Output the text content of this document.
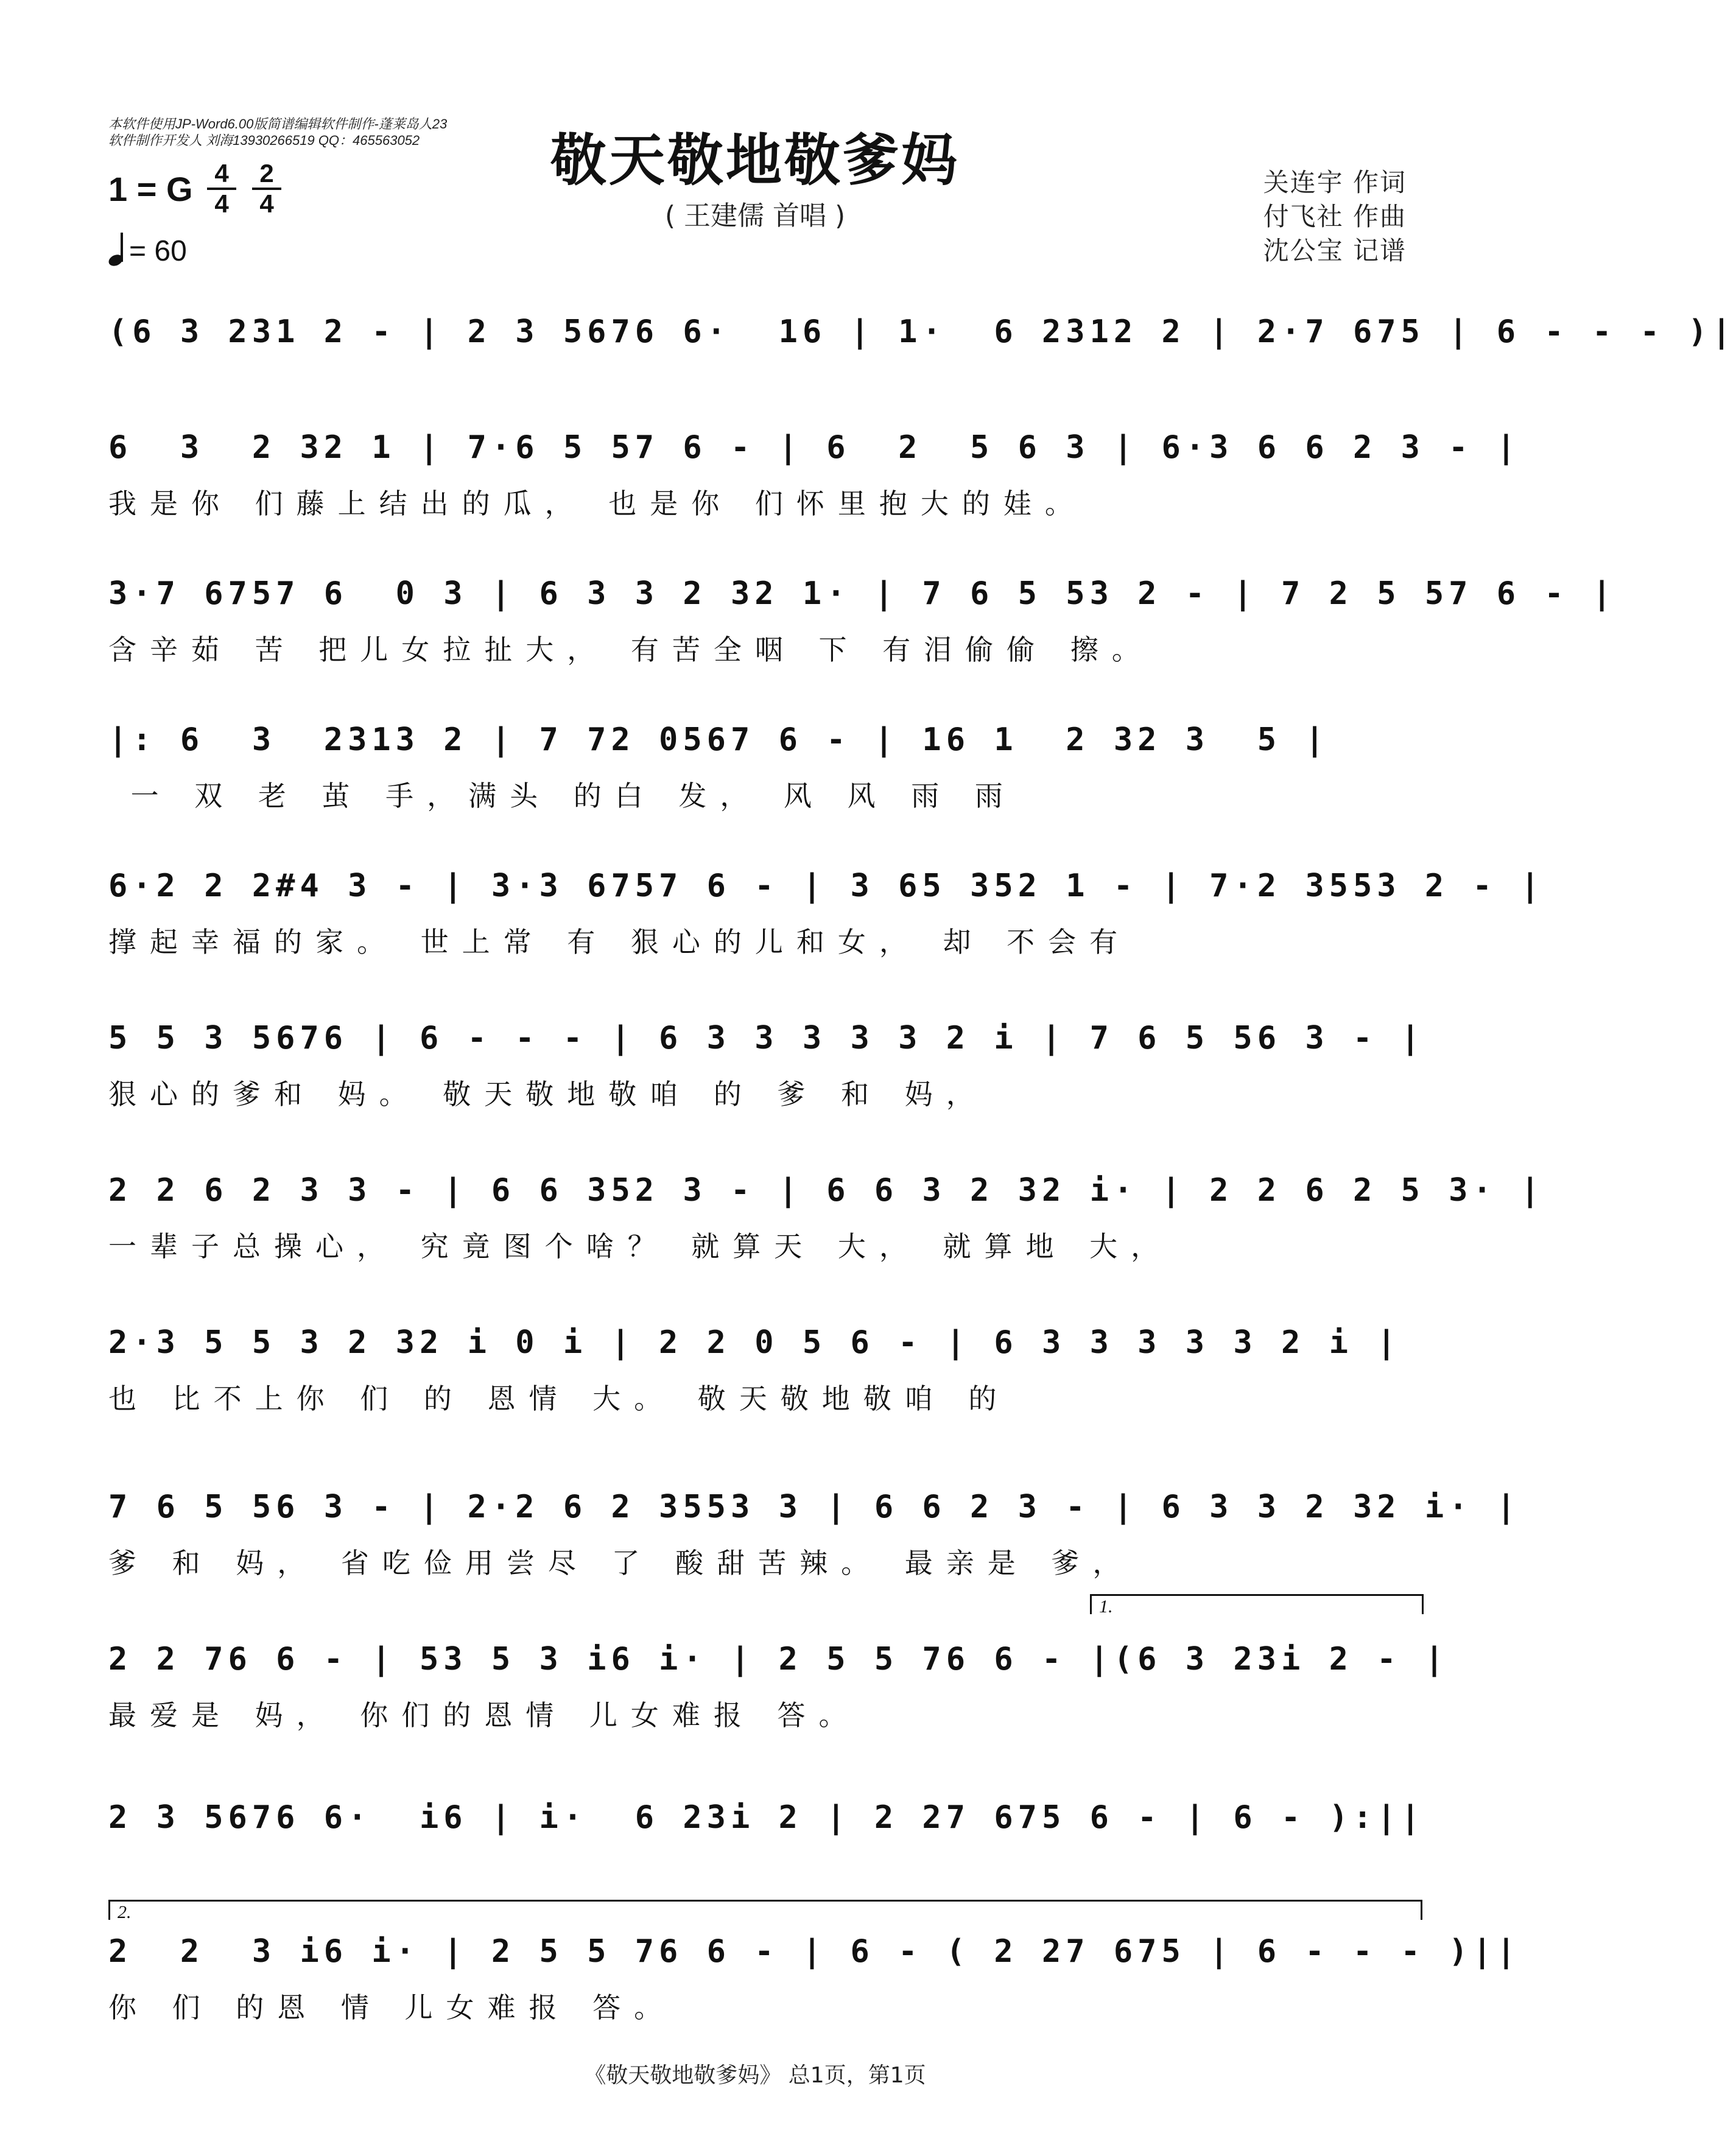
本软件使用JP-Word6.00版简谱编辑软件制作-蓬莱岛人23
软件制作开发人 刘海13930266519 QQ：465563052	敬天敬地敬爹妈
( 王建儒 首唱 )
1 = G $\frac{4}{4} \frac{2}{4}$
= 60
关连宇 作词
付飞社 作曲
沈公宝 记谱
(6 3 231 2 - | 2 3 5676 6·  16 | 1·  6 2312 2 | 2·7 675 | 6 - - - )|
6  3  2 32 1 | 7·6 5 57 6 - | 6  2  5 6 3 | 6·3 6 6 2 3 - |
我是你 们藤上结出的瓜， 也是你 们怀里抱大的娃。
3·7 6757 6  0 3 | 6 3 3 2 32 1· | 7 6 5 53 2 - | 7 2 5 57 6 - |
含辛茹 苦 把儿女拉扯大， 有苦全咽 下 有泪偷偷 擦。
|: 6  3  2313 2 | 7 72 0567 6 - | 16 1  2 32 3  5 |
一 双 老 茧 手，满头 的白 发， 风 风 雨 雨
6·2 2 2#4 3 - | 3·3 6757 6 - | 3 65 352 1 - | 7·2 3553 2 - |
撑起幸福的家。 世上常 有 狠心的儿和女， 却 不会有
5 5 3 5676 | 6 - - - | 6 3 3 3 3 3 2 i | 7 6 5 56 3 - |
狠心的爹和 妈。 敬天敬地敬咱 的 爹 和 妈，
2 2 6 2 3 3 - | 6 6 352 3 - | 6 6 3 2 32 i· | 2 2 6 2 5 3· |
一辈子总操心， 究竟图个啥？ 就算天 大， 就算地 大，
2·3 5 5 3 2 32 i 0 i | 2 2 0 5 6 - | 6 3 3 3 3 3 2 i |
也 比不上你 们 的 恩情 大。 敬天敬地敬咱 的
7 6 5 56 3 - | 2·2 6 2 3553 3 | 6 6 2 3 - | 6 3 3 2 32 i· |
爹 和 妈， 省吃俭用尝尽 了 酸甜苦辣。 最亲是 爹，
1.
2 2 76 6 - | 53 5 3 i6 i· | 2 5 5 76 6 - |(6 3 23i 2 - |
最爱是 妈， 你们的恩情 儿女难报 答。
2 3 5676 6·  i6 | i·  6 23i 2 | 2 27 675 6 - | 6 - ):||
2.
2  2  3 i6 i· | 2 5 5 76 6 - | 6 - ( 2 27 675 | 6 - - - )||
你 们 的恩 情 儿女难报 答。
《敬天敬地敬爹妈》 总1页，第1页
